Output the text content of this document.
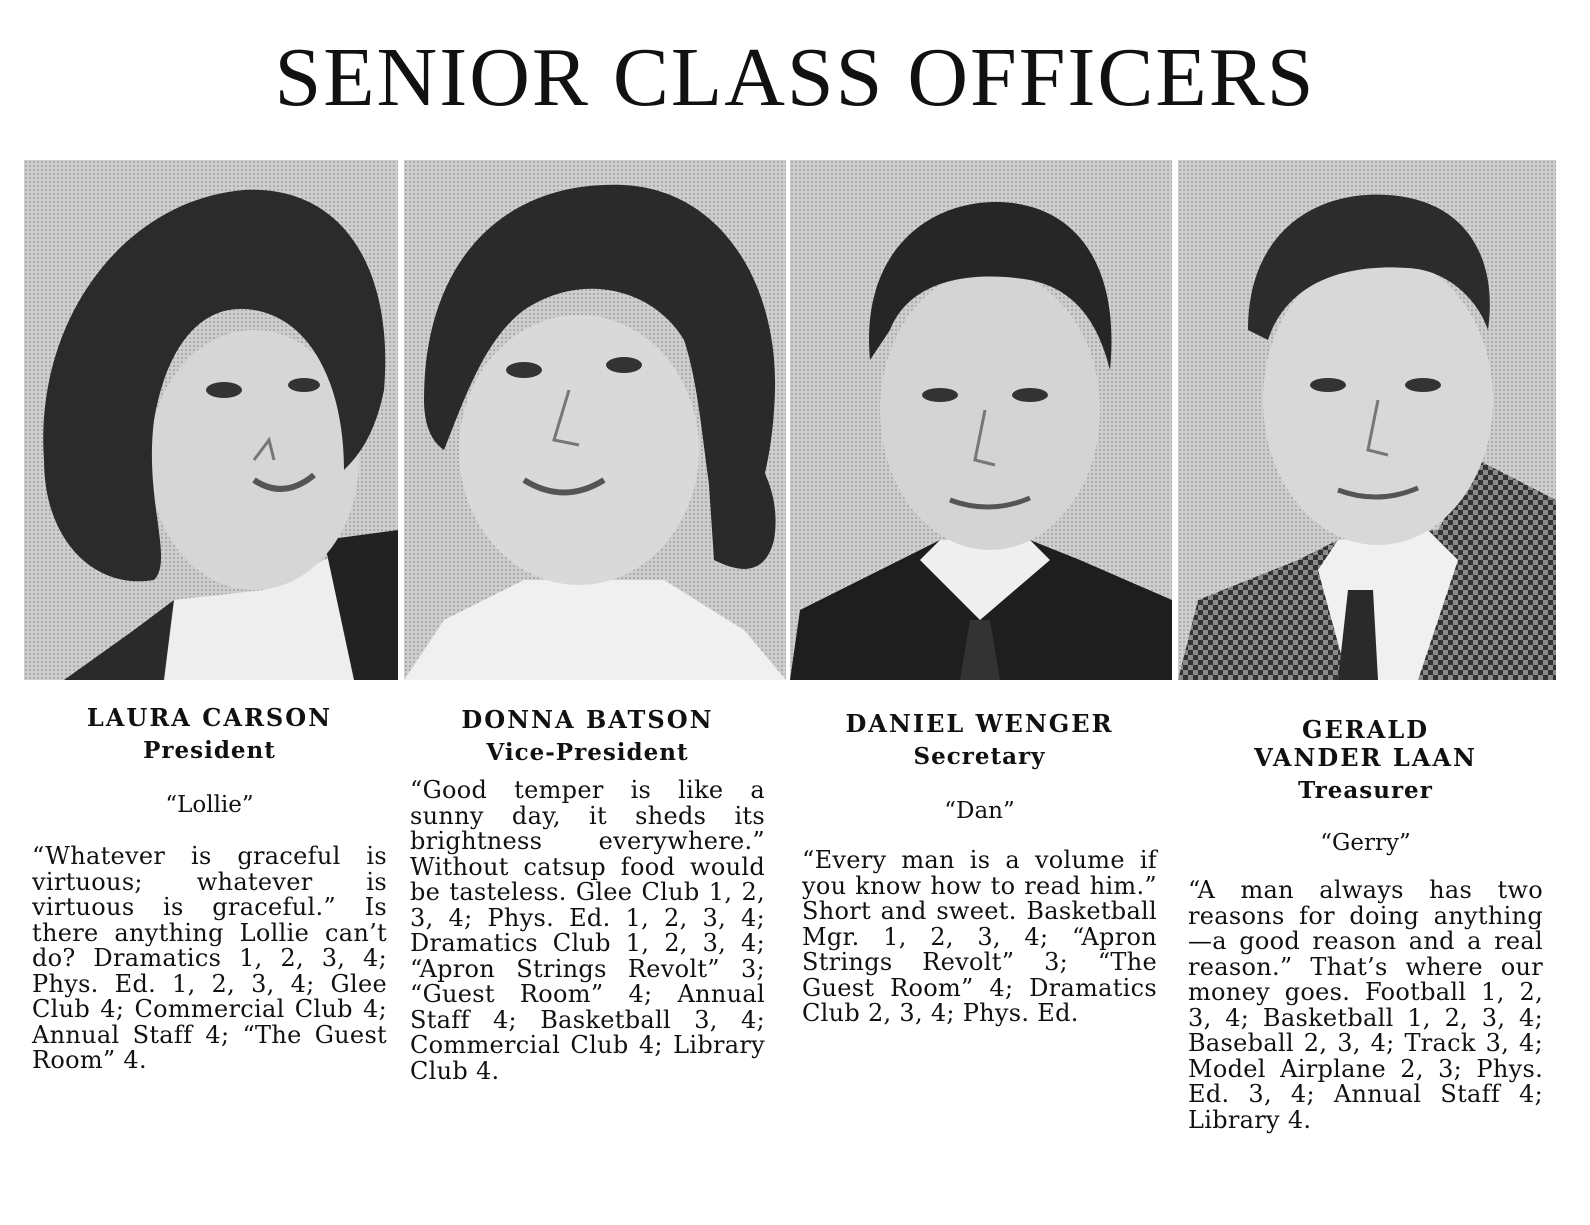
SENIOR CLASS OFFICERS

LAURA CARSON

President

“Lollie”

“Whatever is graceful is virtuous; whatever is virtuous is graceful.” Is there anything Lollie can’t do? Dramatics 1, 2, 3, 4; Phys. Ed. 1, 2, 3, 4; Glee Club 4; Commercial Club 4; Annual Staff 4; “The Guest Room” 4.

DONNA BATSON

Vice-President

“Good temper is like a sunny day, it sheds its brightness everywhere.” Without catsup food would be tasteless. Glee Club 1, 2, 3, 4; Phys. Ed. 1, 2, 3, 4; Dramatics Club 1, 2, 3, 4; “Apron Strings Revolt” 3; “Guest Room” 4; Annual Staff 4; Basketball 3, 4; Commercial Club 4; Library Club 4.

DANIEL WENGER

Secretary

“Dan”

“Every man is a volume if you know how to read him.” Short and sweet. Basketball Mgr. 1, 2, 3, 4; “Apron Strings Revolt” 3; “The Guest Room” 4; Dramatics Club 2, 3, 4; Phys. Ed.

GERALD

VANDER LAAN

Treasurer

“Gerry”

“A man always has two reasons for doing anything—a good reason and a real reason.” That’s where our money goes. Football 1, 2, 3, 4; Basketball 1, 2, 3, 4; Baseball 2, 3, 4; Track 3, 4; Model Airplane 2, 3; Phys. Ed. 3, 4; Annual Staff 4; Library 4.
